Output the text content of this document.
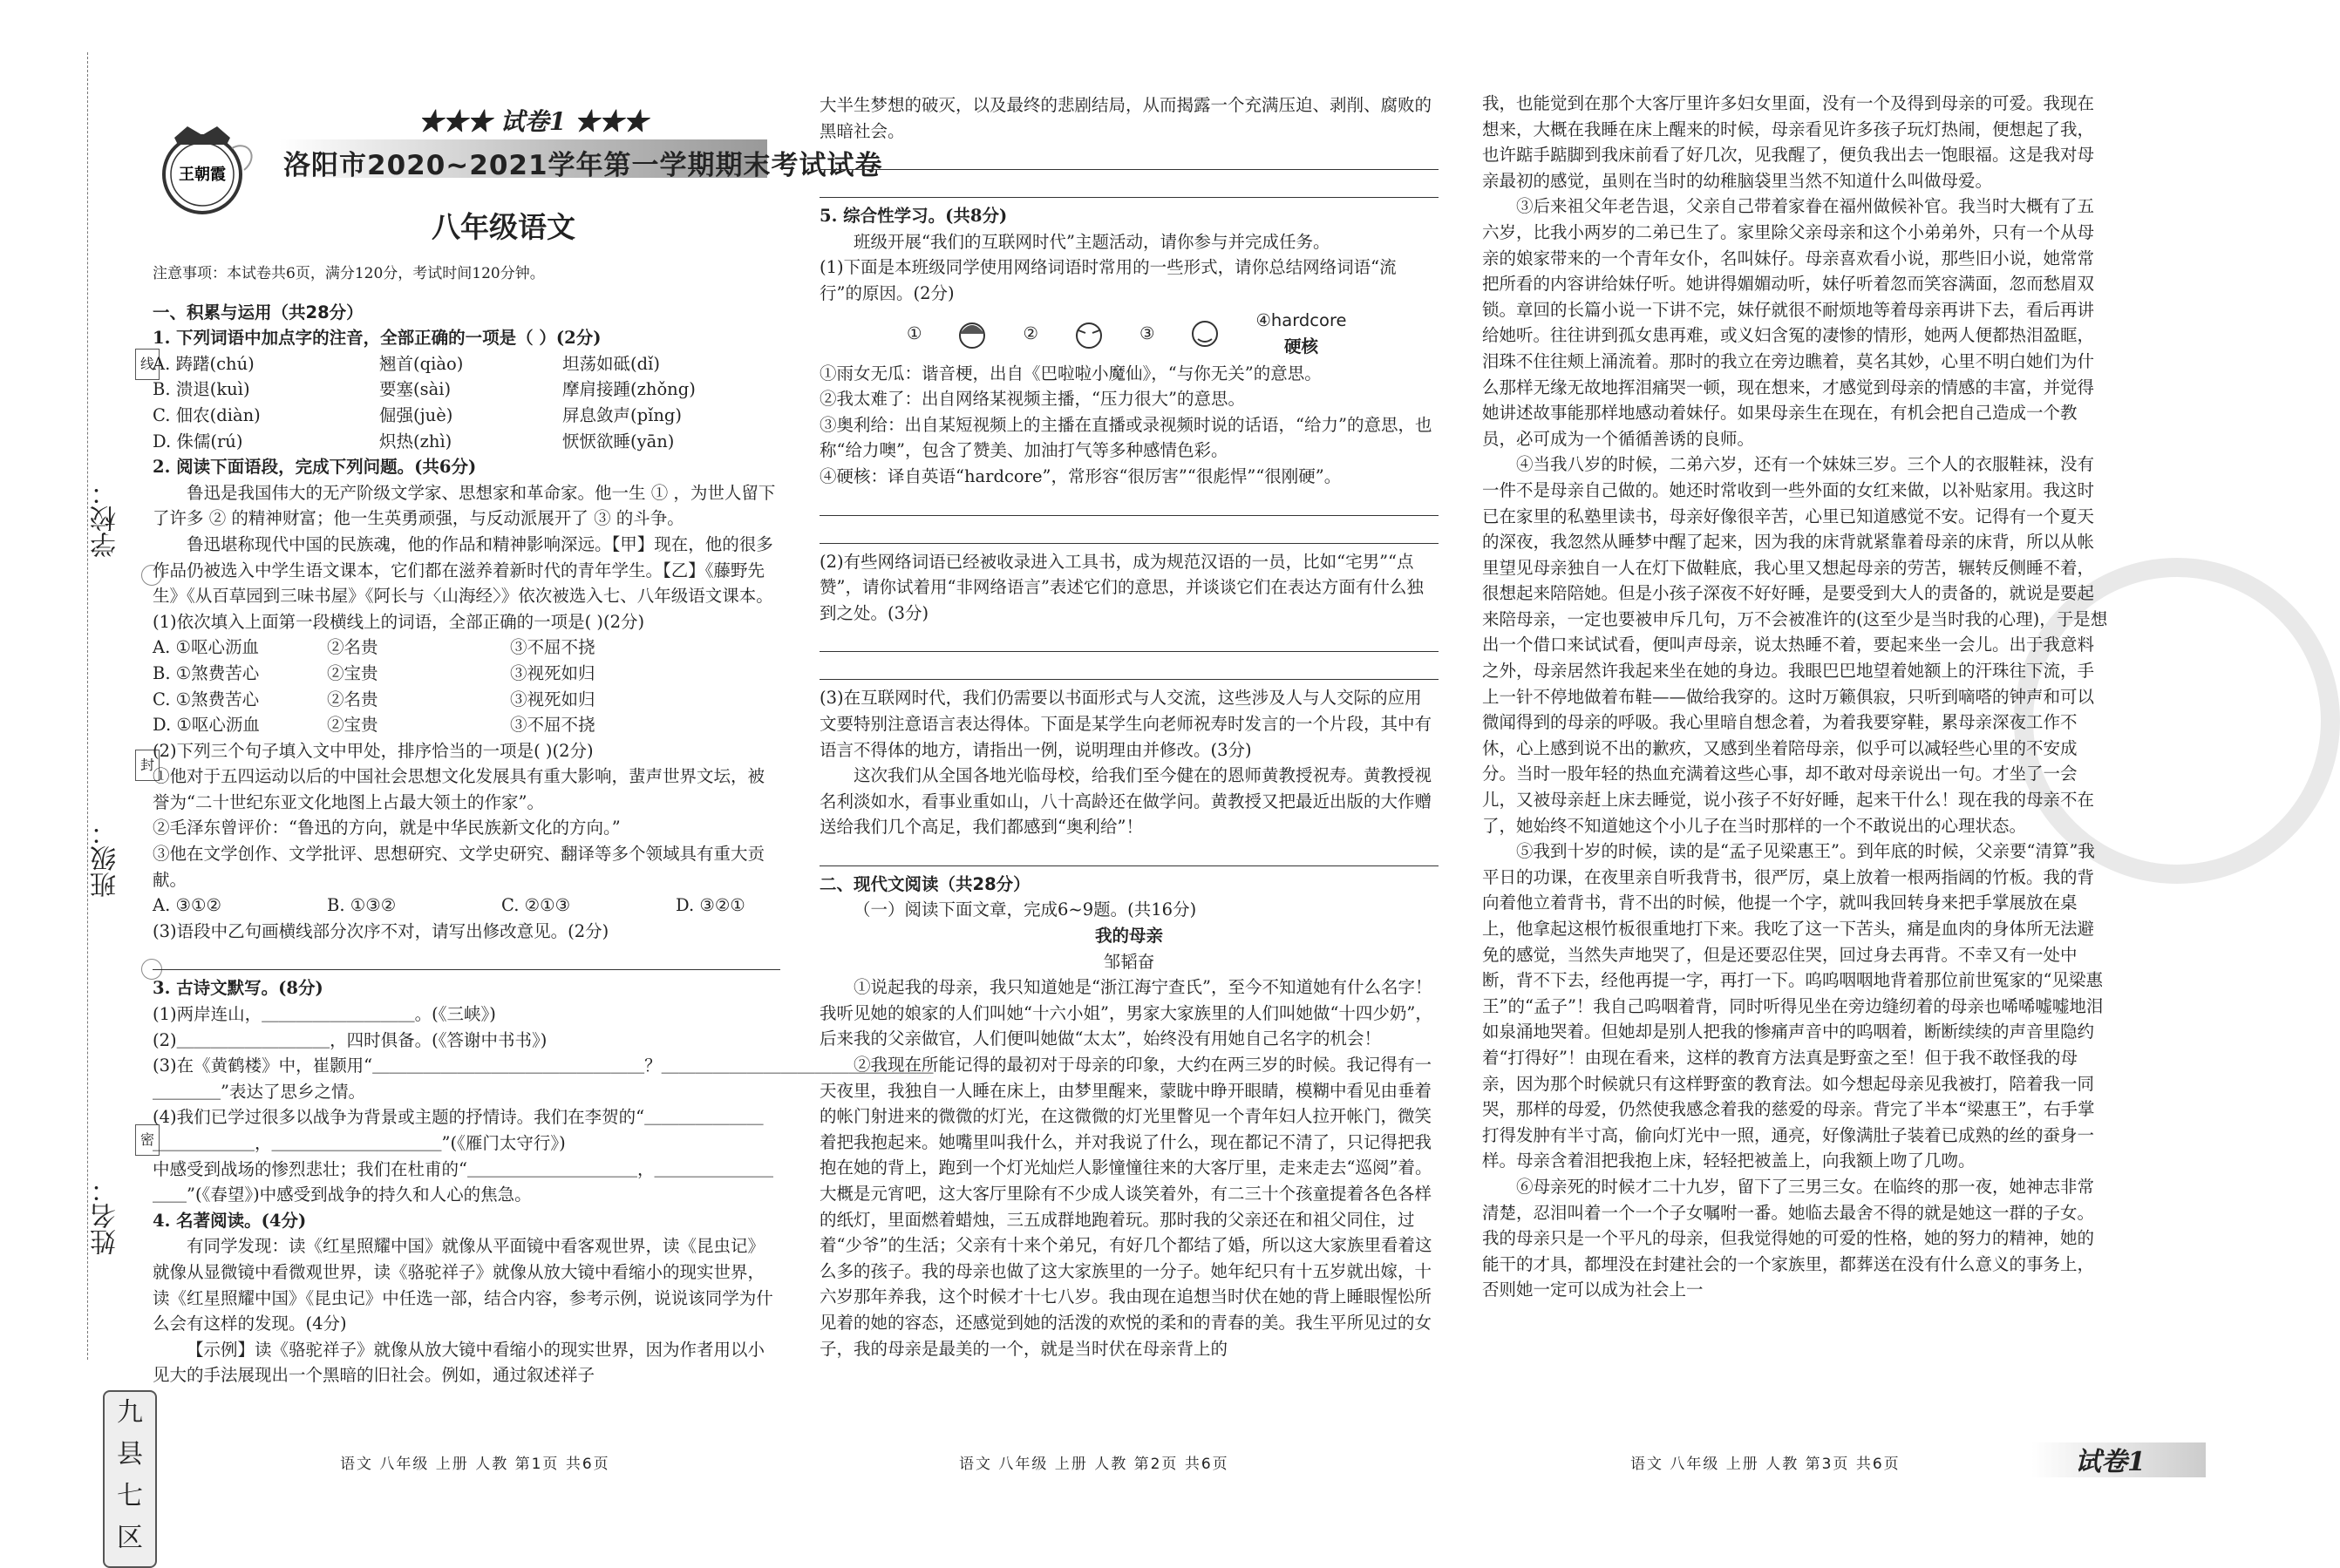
学校：
班级：
姓名：
线
封
密
九
县
七
区
王朝霞
★★★ 试卷1 ★★★
洛阳市2020~2021学年第一学期期末考试试卷
八年级语文

注意事项：本试卷共6页，满分120分，考试时间120分钟。

一、积累与运用（共28分）

1. 下列词语中加点字的注音，全部正确的一项是（ ）(2分)

A. 踌躇(chú)	翘首(qiào)	坦荡如砥(dǐ)
B. 溃退(kuì)	要塞(sài)	摩肩接踵(zhǒng)
C. 佃农(diàn)	倔强(juè)	屏息敛声(pǐng)
D. 侏儒(rú)	炽热(zhì)	恹恹欲睡(yān)

2. 阅读下面语段，完成下列问题。(共6分)

鲁迅是我国伟大的无产阶级文学家、思想家和革命家。他一生 ① ，为世人留下了许多 ② 的精神财富；他一生英勇顽强，与反动派展开了 ③ 的斗争。

鲁迅堪称现代中国的民族魂，他的作品和精神影响深远。【甲】现在，他的很多作品仍被选入中学生语文课本，它们都在滋养着新时代的青年学生。【乙】《藤野先生》《从百草园到三味书屋》《阿长与〈山海经〉》依次被选入七、八年级语文课本。

(1)依次填入上面第一段横线上的词语，全部正确的一项是( )(2分)

A. ①呕心沥血	②名贵	③不屈不挠
B. ①煞费苦心	②宝贵	③视死如归
C. ①煞费苦心	②名贵	③视死如归
D. ①呕心沥血	②宝贵	③不屈不挠

(2)下列三个句子填入文中甲处，排序恰当的一项是( )(2分)

①他对于五四运动以后的中国社会思想文化发展具有重大影响，蜚声世界文坛，被誉为“二十世纪东亚文化地图上占最大领土的作家”。

②毛泽东曾评价：“鲁迅的方向，就是中华民族新文化的方向。”

③他在文学创作、文学批评、思想研究、文学史研究、翻译等多个领域具有重大贡献。

A. ③①②	B. ①③②	C. ②①③	D. ③②①

(3)语段中乙句画横线部分次序不对，请写出修改意见。(2分)

3. 古诗文默写。(8分)

(1)两岸连山，＿＿＿＿＿＿＿＿＿。(《三峡》)

(2)＿＿＿＿＿＿＿＿＿，四时俱备。(《答谢中书书》)

(3)在《黄鹤楼》中，崔颢用“＿＿＿＿＿＿＿＿＿＿＿＿＿＿＿＿？＿＿＿＿＿＿＿＿＿＿＿＿＿＿＿＿

＿＿＿＿”表达了思乡之情。

(4)我们已学过很多以战争为背景或主题的抒情诗。我们在李贺的“＿＿＿＿＿＿＿＿＿＿＿＿＿，＿＿＿＿＿＿＿＿＿＿”(《雁门太守行》)

中感受到战场的惨烈悲壮；我们在杜甫的“＿＿＿＿＿＿＿＿＿＿，＿＿＿＿＿＿＿＿＿”(《春望》)中感受到战争的持久和人心的焦急。

4. 名著阅读。(4分)

有同学发现：读《红星照耀中国》就像从平面镜中看客观世界，读《昆虫记》就像从显微镜中看微观世界，读《骆驼祥子》就像从放大镜中看缩小的现实世界，读《红星照耀中国》《昆虫记》中任选一部，结合内容，参考示例，说说该同学为什么会有这样的发现。(4分)

【示例】读《骆驼祥子》就像从放大镜中看缩小的现实世界，因为作者用以小见大的手法展现出一个黑暗的旧社会。例如，通过叙述祥子

大半生梦想的破灭，以及最终的悲剧结局，从而揭露一个充满压迫、剥削、腐败的黑暗社会。

5. 综合性学习。(共8分)

班级开展“我们的互联网时代”主题活动，请你参与并完成任务。

(1)下面是本班级同学使用网络词语时常用的一些形式，请你总结网络词语“流行”的原因。(2分)

①	②	③
④hardcore
硬核

①雨女无瓜：谐音梗，出自《巴啦啦小魔仙》，“与你无关”的意思。

②我太难了：出自网络某视频主播，“压力很大”的意思。

③奥利给：出自某短视频上的主播在直播或录视频时说的话语，“给力”的意思，也称“给力噢”，包含了赞美、加油打气等多种感情色彩。

④硬核：译自英语“hardcore”，常形容“很厉害”“很彪悍”“很刚硬”。

(2)有些网络词语已经被收录进入工具书，成为规范汉语的一员，比如“宅男”“点赞”，请你试着用“非网络语言”表述它们的意思，并谈谈它们在表达方面有什么独到之处。(3分)

(3)在互联网时代，我们仍需要以书面形式与人交流，这些涉及人与人交际的应用文要特别注意语言表达得体。下面是某学生向老师祝寿时发言的一个片段，其中有语言不得体的地方，请指出一例，说明理由并修改。(3分)

这次我们从全国各地光临母校，给我们至今健在的恩师黄教授祝寿。黄教授视名利淡如水，看事业重如山，八十高龄还在做学问。黄教授又把最近出版的大作赠送给我们几个高足，我们都感到“奥利给”！

二、现代文阅读（共28分）

（一）阅读下面文章，完成6~9题。(共16分)

我的母亲

邹韬奋

①说起我的母亲，我只知道她是“浙江海宁查氏”，至今不知道她有什么名字！我听见她的娘家的人们叫她“十六小姐”，男家大家族里的人们叫她做“十四少奶”，后来我的父亲做官，人们便叫她做“太太”，始终没有用她自己名字的机会！

②我现在所能记得的最初对于母亲的印象，大约在两三岁的时候。我记得有一天夜里，我独自一人睡在床上，由梦里醒来，蒙眬中睁开眼睛，模糊中看见由垂着的帐门射进来的微微的灯光，在这微微的灯光里瞥见一个青年妇人拉开帐门，微笑着把我抱起来。她嘴里叫我什么，并对我说了什么，现在都记不清了，只记得把我抱在她的背上，跑到一个灯光灿烂人影憧憧往来的大客厅里，走来走去“巡阅”着。大概是元宵吧，这大客厅里除有不少成人谈笑着外，有二三十个孩童提着各色各样的纸灯，里面燃着蜡烛，三五成群地跑着玩。那时我的父亲还在和祖父同住，过着“少爷”的生活；父亲有十来个弟兄，有好几个都结了婚，所以这大家族里看着这么多的孩子。我的母亲也做了这大家族里的一分子。她年纪只有十五岁就出嫁，十六岁那年养我，这个时候才十七八岁。我由现在追想当时伏在她的背上睡眼惺忪所见着的她的容态，还感觉到她的活泼的欢悦的柔和的青春的美。我生平所见过的女子，我的母亲是最美的一个，就是当时伏在母亲背上的

我，也能觉到在那个大客厅里许多妇女里面，没有一个及得到母亲的可爱。我现在想来，大概在我睡在床上醒来的时候，母亲看见许多孩子玩灯热闹，便想起了我，也许踮手踮脚到我床前看了好几次，见我醒了，便负我出去一饱眼福。这是我对母亲最初的感觉，虽则在当时的幼稚脑袋里当然不知道什么叫做母爱。

③后来祖父年老告退，父亲自己带着家眷在福州做候补官。我当时大概有了五六岁，比我小两岁的二弟已生了。家里除父亲母亲和这个小弟弟外，只有一个从母亲的娘家带来的一个青年女仆，名叫妹仔。母亲喜欢看小说，那些旧小说，她常常把所看的内容讲给妹仔听。她讲得媚媚动听，妹仔听着忽而笑容满面，忽而愁眉双锁。章回的长篇小说一下讲不完，妹仔就很不耐烦地等着母亲再讲下去，看后再讲给她听。往往讲到孤女患再难，或义妇含冤的凄惨的情形，她两人便都热泪盈眶，泪珠不住往颊上涌流着。那时的我立在旁边瞧着，莫名其妙，心里不明白她们为什么那样无缘无故地挥泪痛哭一顿，现在想来，才感觉到母亲的情感的丰富，并觉得她讲述故事能那样地感动着妹仔。如果母亲生在现在，有机会把自己造成一个教员，必可成为一个循循善诱的良师。

④当我八岁的时候，二弟六岁，还有一个妹妹三岁。三个人的衣服鞋袜，没有一件不是母亲自己做的。她还时常收到一些外面的女红来做，以补贴家用。我这时已在家里的私塾里读书，母亲好像很辛苦，心里已知道感觉不安。记得有一个夏天的深夜，我忽然从睡梦中醒了起来，因为我的床背就紧靠着母亲的床背，所以从帐里望见母亲独自一人在灯下做鞋底，我心里又想起母亲的劳苦，辗转反侧睡不着，很想起来陪陪她。但是小孩子深夜不好好睡，是要受到大人的责备的，就说是要起来陪母亲，一定也要被申斥几句，万不会被准许的(这至少是当时我的心理)，于是想出一个借口来试试看，便叫声母亲，说太热睡不着，要起来坐一会儿。出于我意料之外，母亲居然许我起来坐在她的身边。我眼巴巴地望着她额上的汗珠往下流，手上一针不停地做着布鞋——做给我穿的。这时万籁俱寂，只听到嘀嗒的钟声和可以微闻得到的母亲的呼吸。我心里暗自想念着，为着我要穿鞋，累母亲深夜工作不休，心上感到说不出的歉疚，又感到坐着陪母亲，似乎可以减轻些心里的不安成分。当时一股年轻的热血充满着这些心事，却不敢对母亲说出一句。才坐了一会儿，又被母亲赶上床去睡觉，说小孩子不好好睡，起来干什么！现在我的母亲不在了，她始终不知道她这个小儿子在当时那样的一个不敢说出的心理状态。

⑤我到十岁的时候，读的是“孟子见梁惠王”。到年底的时候，父亲要“清算”我平日的功课，在夜里亲自听我背书，很严厉，桌上放着一根两指阔的竹板。我的背向着他立着背书，背不出的时候，他提一个字，就叫我回转身来把手掌展放在桌上，他拿起这根竹板很重地打下来。我吃了这一下苦头，痛是血肉的身体所无法避免的感觉，当然失声地哭了，但是还要忍住哭，回过身去再背。不幸又有一处中断，背不下去，经他再提一字，再打一下。呜呜咽咽地背着那位前世冤家的“见梁惠王”的“孟子”！我自己呜咽着背，同时听得见坐在旁边缝纫着的母亲也唏唏嘘嘘地泪如泉涌地哭着。但她却是别人把我的惨痛声音中的呜咽着，断断续续的声音里隐约着“打得好”！由现在看来，这样的教育方法真是野蛮之至！但于我不敢怪我的母亲，因为那个时候就只有这样野蛮的教育法。如今想起母亲见我被打，陪着我一同哭，那样的母爱，仍然使我感念着我的慈爱的母亲。背完了半本“梁惠王”，右手掌打得发肿有半寸高，偷向灯光中一照，通亮，好像满肚子装着已成熟的丝的蚕身一样。母亲含着泪把我抱上床，轻轻把被盖上，向我额上吻了几吻。

⑥母亲死的时候才二十九岁，留下了三男三女。在临终的那一夜，她神志非常清楚，忍泪叫着一个一个子女嘱咐一番。她临去最舍不得的就是她这一群的子女。我的母亲只是一个平凡的母亲，但我觉得她的可爱的性格，她的努力的精神，她的能干的才具，都埋没在封建社会的一个家族里，都葬送在没有什么意义的事务上，否则她一定可以成为社会上一

语文 八年级 上册 人教 第1页 共6页	语文 八年级 上册 人教 第2页 共6页	语文 八年级 上册 人教 第3页 共6页	试卷1
